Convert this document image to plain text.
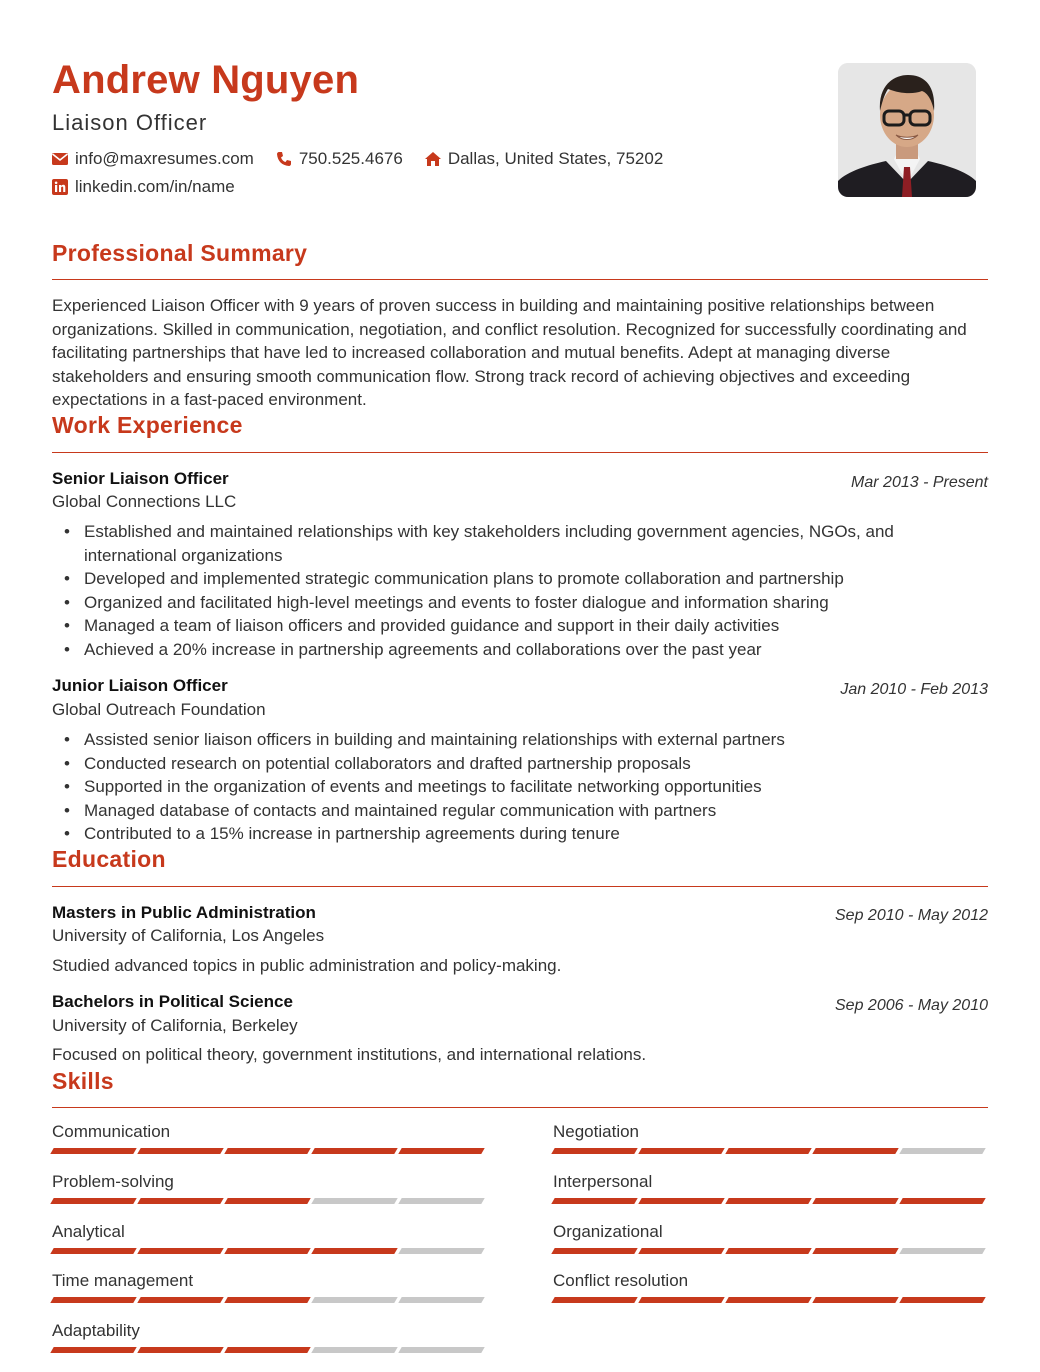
Andrew Nguyen
Liaison Officer
info@maxresumes.com	750.525.4676	Dallas, United States, 75202
linkedin.com/in/name
Professional Summary
Experienced Liaison Officer with 9 years of proven success in building and maintaining positive relationships between organizations. Skilled in communication, negotiation, and conflict resolution. Recognized for successfully coordinating and facilitating partnerships that have led to increased collaboration and mutual benefits. Adept at managing diverse stakeholders and ensuring smooth communication flow. Strong track record of achieving objectives and exceeding expectations in a fast-paced environment.
Work Experience
Senior Liaison Officer	Mar 2013 - Present
Global Connections LLC
• Established and maintained relationships with key stakeholders including government agencies, NGOs, and international organizations
• Developed and implemented strategic communication plans to promote collaboration and partnership
• Organized and facilitated high-level meetings and events to foster dialogue and information sharing
• Managed a team of liaison officers and provided guidance and support in their daily activities
• Achieved a 20% increase in partnership agreements and collaborations over the past year
Junior Liaison Officer	Jan 2010 - Feb 2013
Global Outreach Foundation
• Assisted senior liaison officers in building and maintaining relationships with external partners
• Conducted research on potential collaborators and drafted partnership proposals
• Supported in the organization of events and meetings to facilitate networking opportunities
• Managed database of contacts and maintained regular communication with partners
• Contributed to a 15% increase in partnership agreements during tenure
Education
Masters in Public Administration	Sep 2010 - May 2012
University of California, Los Angeles
Studied advanced topics in public administration and policy-making.
Bachelors in Political Science	Sep 2006 - May 2010
University of California, Berkeley
Focused on political theory, government institutions, and international relations.
Skills
Communication	Negotiation
Problem-solving	Interpersonal
Analytical	Organizational
Time management	Conflict resolution
Adaptability
